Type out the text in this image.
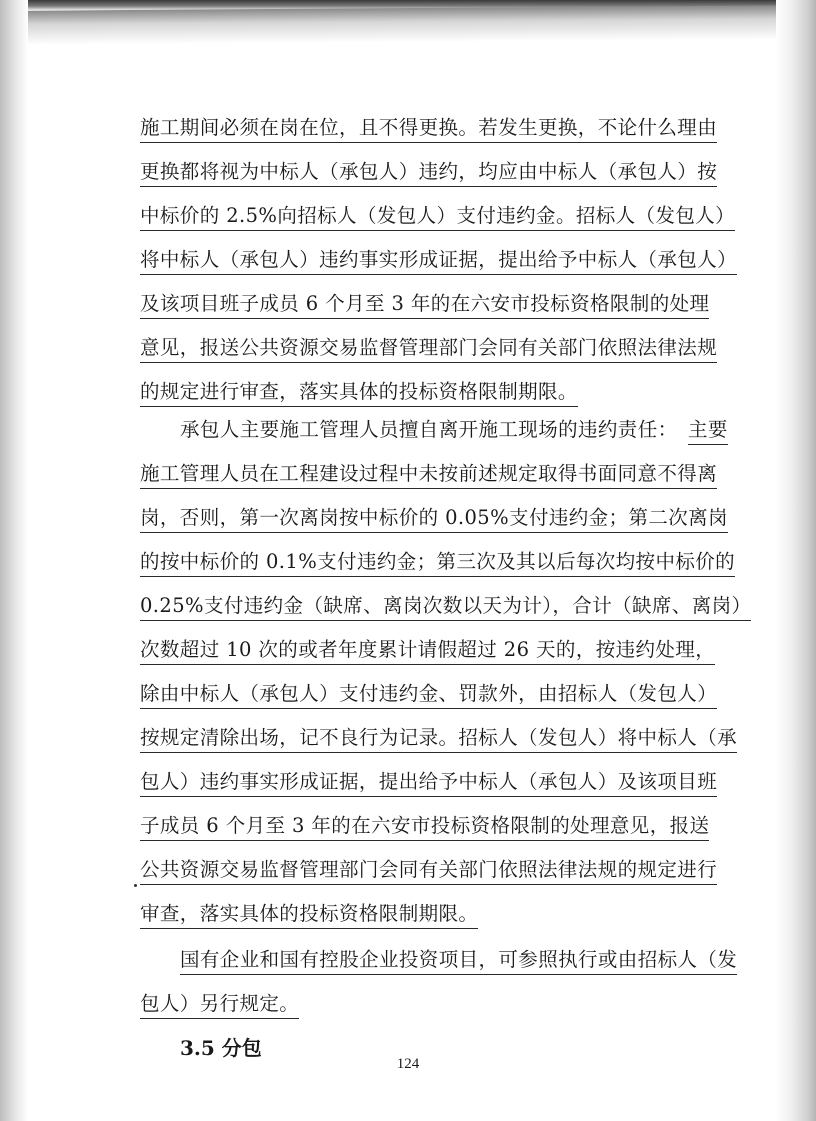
施工期间必须在岗在位，且不得更换。若发生更换，不论什么理由
更换都将视为中标人（承包人）违约，均应由中标人（承包人）按
中标价的 2.5%向招标人（发包人）支付违约金。招标人（发包人）
将中标人（承包人）违约事实形成证据，提出给予中标人（承包人）
及该项目班子成员 6 个月至 3 年的在六安市投标资格限制的处理
意见，报送公共资源交易监督管理部门会同有关部门依照法律法规
的规定进行审查，落实具体的投标资格限制期限。
承包人主要施工管理人员擅自离开施工现场的违约责任： 主要
施工管理人员在工程建设过程中未按前述规定取得书面同意不得离
岗，否则，第一次离岗按中标价的 0.05%支付违约金；第二次离岗
的按中标价的 0.1%支付违约金；第三次及其以后每次均按中标价的
0.25%支付违约金（缺席、离岗次数以天为计），合计（缺席、离岗）
次数超过 10 次的或者年度累计请假超过 26 天的，按违约处理，
除由中标人（承包人）支付违约金、罚款外，由招标人（发包人）
按规定清除出场，记不良行为记录。招标人（发包人）将中标人（承
包人）违约事实形成证据，提出给予中标人（承包人）及该项目班
子成员 6 个月至 3 年的在六安市投标资格限制的处理意见，报送
公共资源交易监督管理部门会同有关部门依照法律法规的规定进行
审查，落实具体的投标资格限制期限。
国有企业和国有控股企业投资项目，可参照执行或由招标人（发
包人）另行规定。
3.5 分包
124
